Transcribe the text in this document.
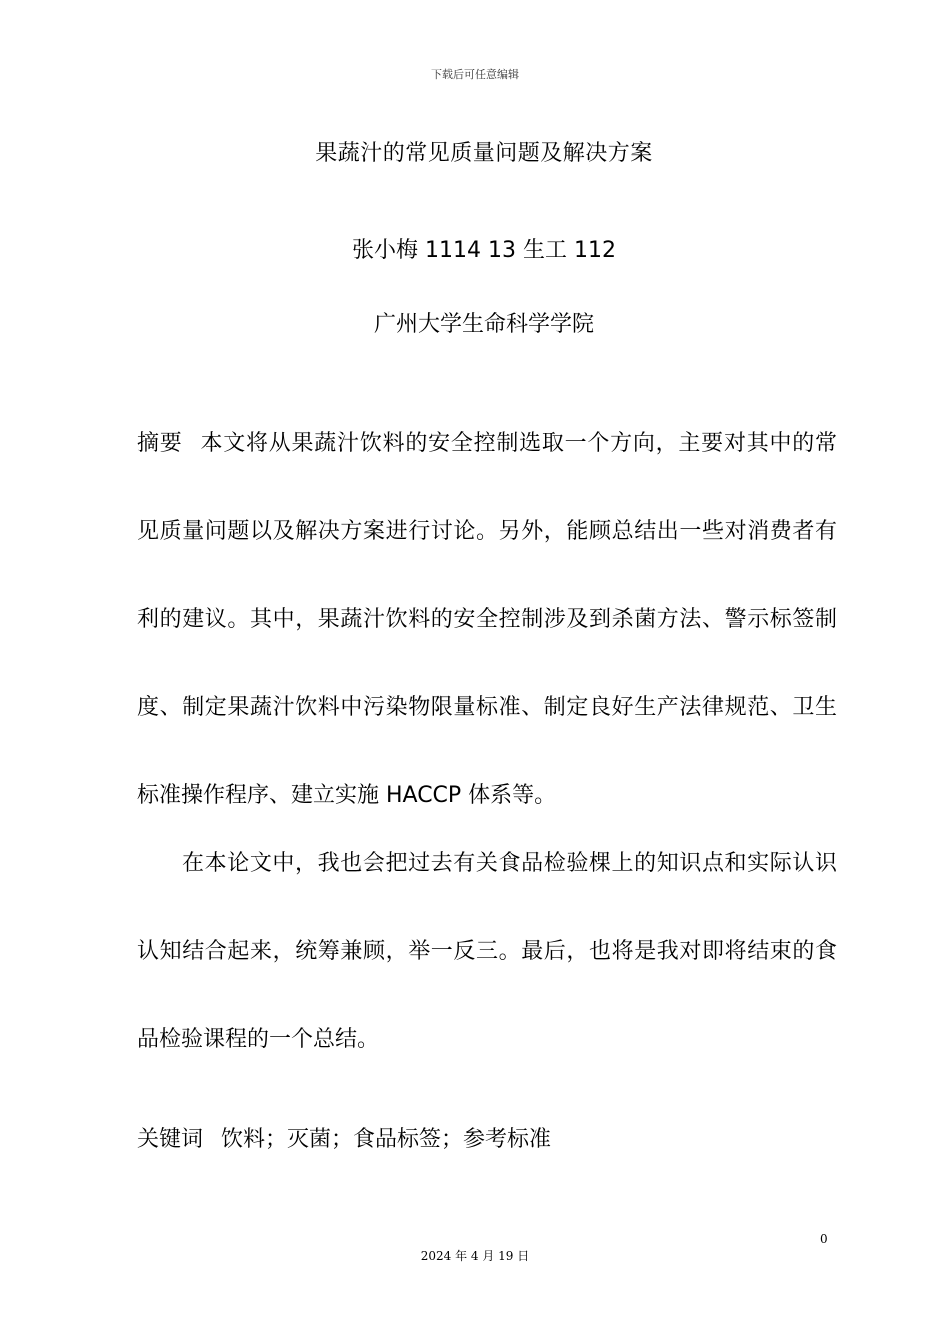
下载后可任意编辑
果蔬汁的常见质量问题及解决方案
张小梅 1114 13 生工 112
广州大学生命科学学院

摘要 本文将从果蔬汁饮料的安全控制选取一个方向，主要对其中的常见质量问题以及解决方案进行讨论。另外，能顾总结出一些对消费者有利的建议。其中，果蔬汁饮料的安全控制涉及到杀菌方法、警示标签制度、制定果蔬汁饮料中污染物限量标准、制定良好生产法律规范、卫生标准操作程序、建立实施 HACCP 体系等。

在本论文中，我也会把过去有关食品检验棵上的知识点和实际认识认知结合起来，统筹兼顾，举一反三。最后，也将是我对即将结束的食品检验课程的一个总结。

关键词 饮料；灭菌；食品标签；参考标准
0
2024 年 4 月 19 日
